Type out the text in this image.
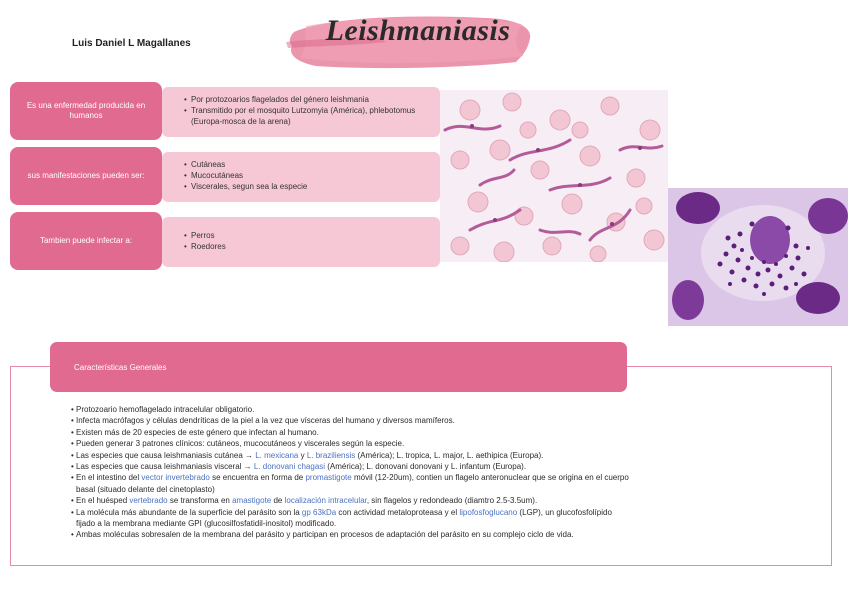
Luis Daniel L Magallanes	Leishmaniasis
Es una enfermedad producida en humanos
• Por protozoarios flagelados del género leishmania
• Transmitido por el mosquito Lutzomyia (América), phlebotomus (Europa-mosca de la arena)
sus manifestaciones pueden ser:
• Cutáneas
• Mucocutáneas
• Viscerales, segun sea la especie
Tambien puede infectar a:
• Perros
• Roedores
Características Generales
• Protozoario hemoflagelado intracelular obligatorio.
• Infecta macrófagos y células dendríticas de la piel a la vez que vísceras del humano y diversos mamíferos.
• Existen más de 20 especies de este género que infectan al humano.
• Pueden generar 3 patrones clínicos: cutáneos, mucocutáneos y viscerales según la especie.
• Las especies que causa leishmaniasis cutánea → L. mexicana y L. braziliensis (América); L. tropica, L. major, L. aethipica (Europa).
• Las especies que causa leishmaniasis visceral → L. donovani chagasi (América); L. donovani donovani y L. infantum (Europa).
• En el intestino del vector invertebrado se encuentra en forma de promastigote móvil (12-20um), contien un flagelo anteronuclear que se origina en el cuerpo basal (situado delante del cinetoplasto)
• En el huésped vertebrado se transforma en amastigote de localización intracelular, sin flagelos y redondeado (diamtro 2.5-3.5um).
• La molécula más abundante de la superficie del parásito son la gp 63kDa con actividad metaloproteasa y el lipofosfoglucano (LGP), un glucofosfolípido fijado a la membrana mediante GPI (glucosilfosfatidil-inositol) modificado.
• Ambas moléculas sobresalen de la membrana del parásito y participan en procesos de adaptación del parásito en su complejo ciclo de vida.
